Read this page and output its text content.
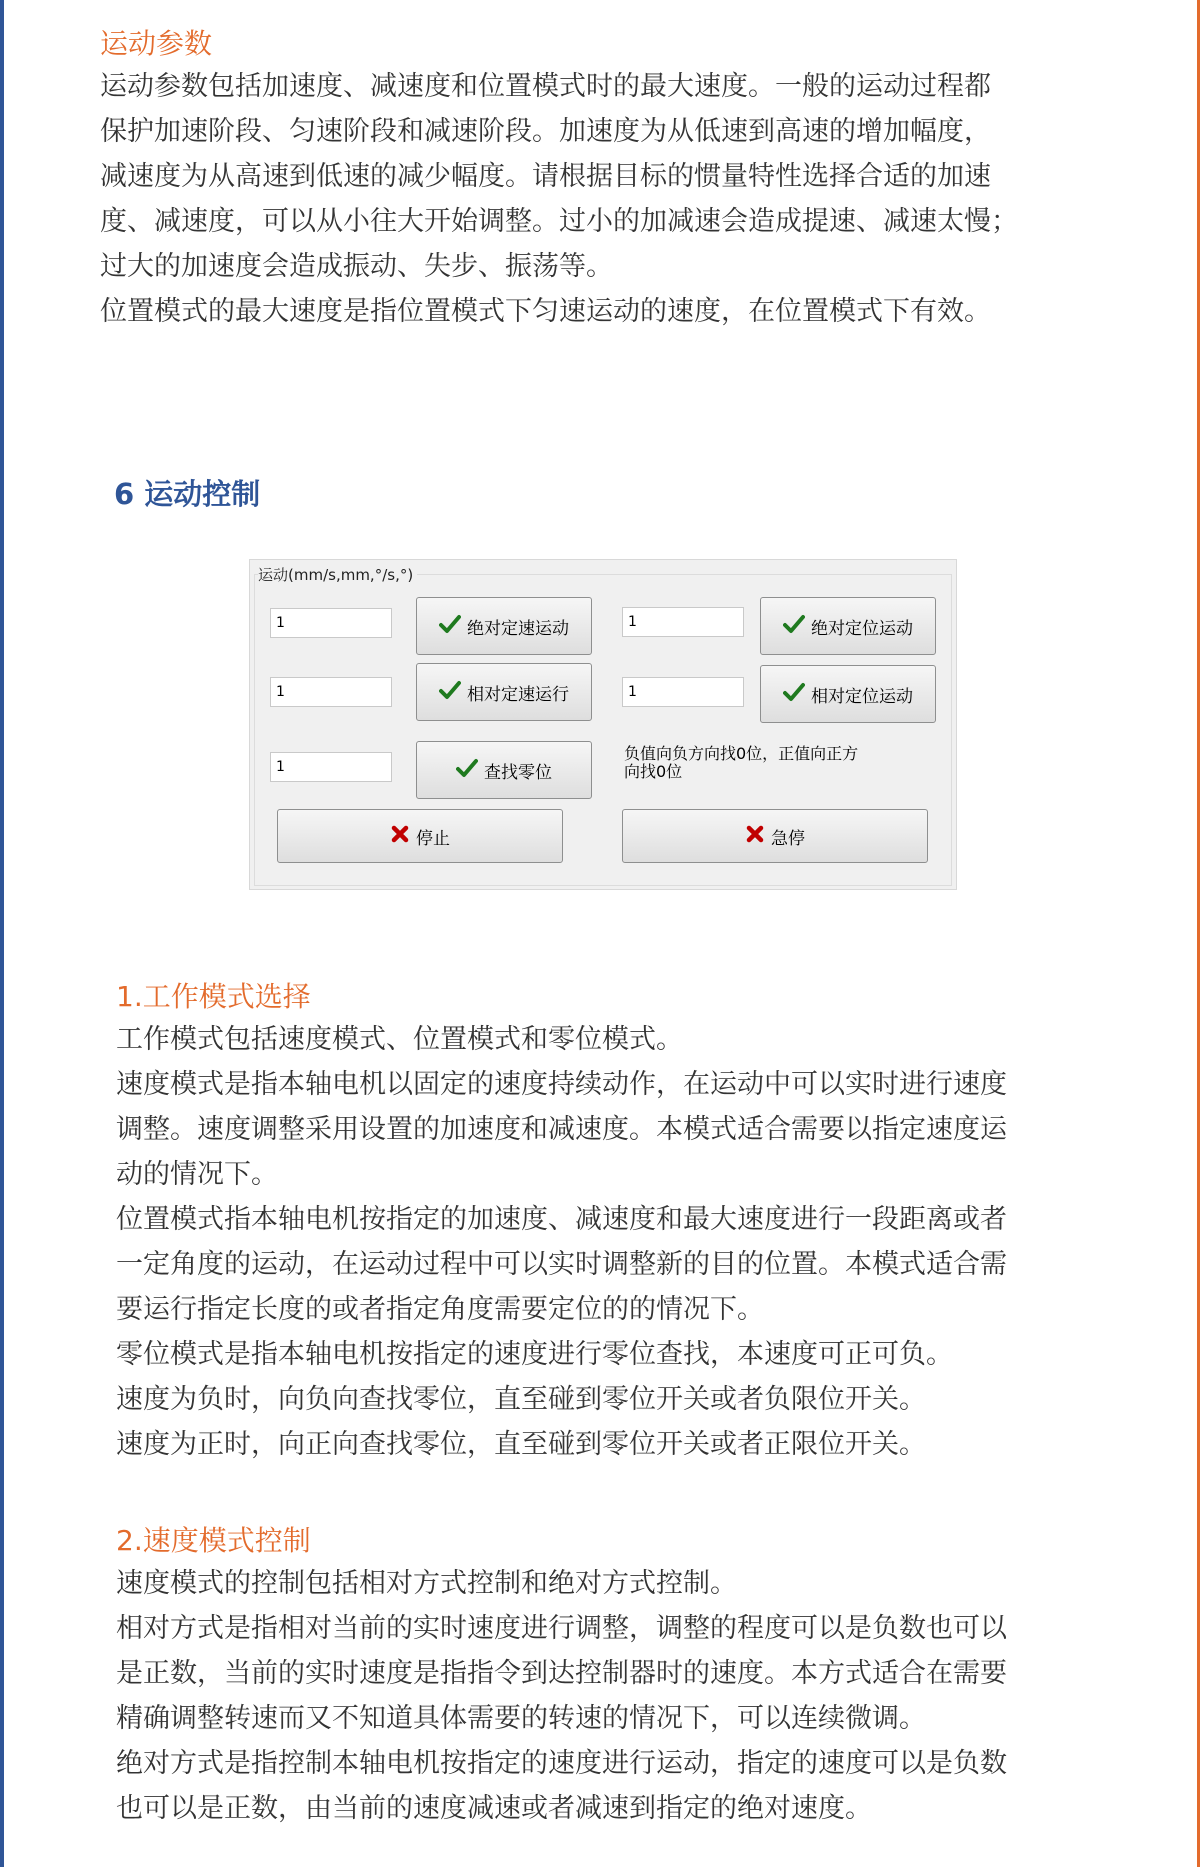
运动参数

运动参数包括加速度、减速度和位置模式时的最大速度。一般的运动过程都

保护加速阶段、匀速阶段和减速阶段。加速度为从低速到高速的增加幅度，

减速度为从高速到低速的减少幅度。请根据目标的惯量特性选择合适的加速

度、减速度，可以从小往大开始调整。过小的加减速会造成提速、减速太慢；

过大的加速度会造成振动、失步、振荡等。

位置模式的最大速度是指位置模式下匀速运动的速度，在位置模式下有效。

6 运动控制

运动(mm/s,mm,°/s,°)
1	绝对定速运动	1	绝对定位运动
1	相对定速运行	1	相对定位运动
1	查找零位
负值向负方向找0位，正值向正方向找0位
停止	急停

1.工作模式选择

工作模式包括速度模式、位置模式和零位模式。

速度模式是指本轴电机以固定的速度持续动作，在运动中可以实时进行速度

调整。速度调整采用设置的加速度和减速度。本模式适合需要以指定速度运

动的情况下。

位置模式指本轴电机按指定的加速度、减速度和最大速度进行一段距离或者

一定角度的运动，在运动过程中可以实时调整新的目的位置。本模式适合需

要运行指定长度的或者指定角度需要定位的的情况下。

零位模式是指本轴电机按指定的速度进行零位查找，本速度可正可负。

速度为负时，向负向查找零位，直至碰到零位开关或者负限位开关。

速度为正时，向正向查找零位，直至碰到零位开关或者正限位开关。

2.速度模式控制

速度模式的控制包括相对方式控制和绝对方式控制。

相对方式是指相对当前的实时速度进行调整，调整的程度可以是负数也可以

是正数，当前的实时速度是指指令到达控制器时的速度。本方式适合在需要

精确调整转速而又不知道具体需要的转速的情况下，可以连续微调。

绝对方式是指控制本轴电机按指定的速度进行运动，指定的速度可以是负数

也可以是正数，由当前的速度减速或者减速到指定的绝对速度。
